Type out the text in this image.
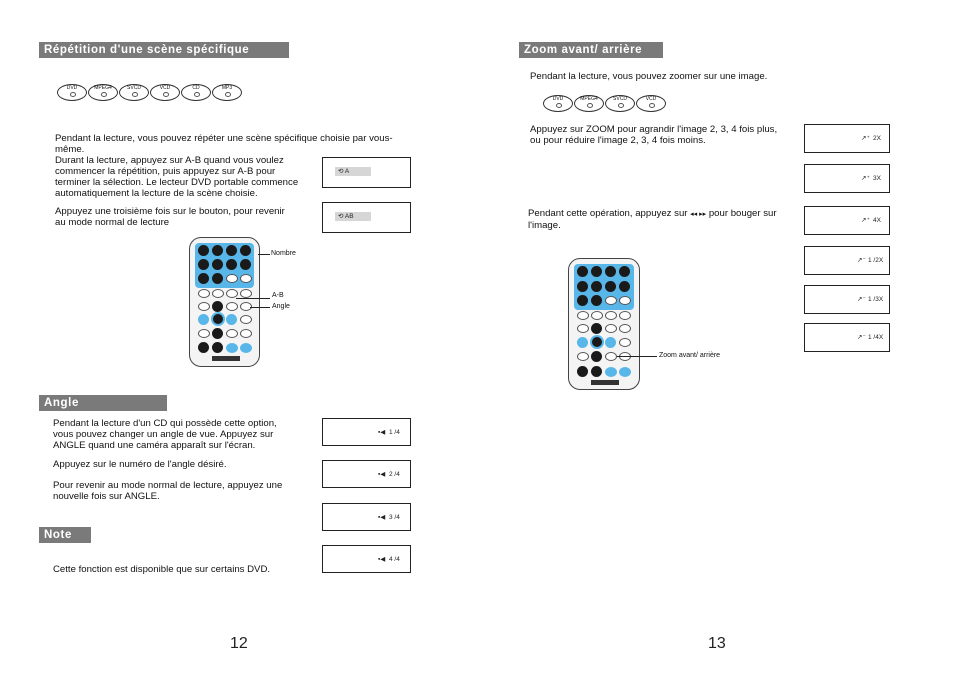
Répétition d'une scène spécifique
DVD	MPEG4	SVCD	VCD	CD	MP3
Pendant la lecture, vous pouvez répéter une scène spécifique choisie par vous-
même.
Durant la lecture, appuyez sur A-B quand vous voulez
commencer la répétition, puis appuyez sur A-B pour
terminer la sélection. Le lecteur DVD portable commence
automatiquement la lecture de la scène choisie.
Appuyez une troisième fois sur le bouton, pour revenir
au mode normal de lecture
⟲ A
⟲ AB
Nombre
A-B
Angle
Angle
Pendant la lecture d'un CD qui possède cette option,
vous pouvez changer un angle de vue. Appuyez sur
ANGLE quand une caméra apparaît sur l'écran.
Appuyez sur le numéro de l'angle désiré.
Pour revenir au mode normal de lecture, appuyez une
nouvelle fois sur ANGLE.
▪◀ 1 /4
▪◀ 2 /4
▪◀ 3 /4
▪◀ 4 /4
Note
Cette fonction est disponible que sur certains DVD.
12
Zoom avant/ arrière
Pendant la lecture, vous pouvez zoomer sur une image.
DVD	MPEG4	SVCD	VCD
Appuyez sur ZOOM pour agrandir l'image 2, 3, 4 fois plus,
ou pour réduire l'image 2, 3, 4 fois moins.
Pendant cette opération, appuyez sur ◂◂ ▸▸ pour bouger sur
l'image.
↗⁺ 2X
↗⁺ 3X
↗⁺ 4X
↗⁻ 1 /2X
↗⁻ 1 /3X
↗⁻ 1 /4X
Zoom avant/ arrière
13
